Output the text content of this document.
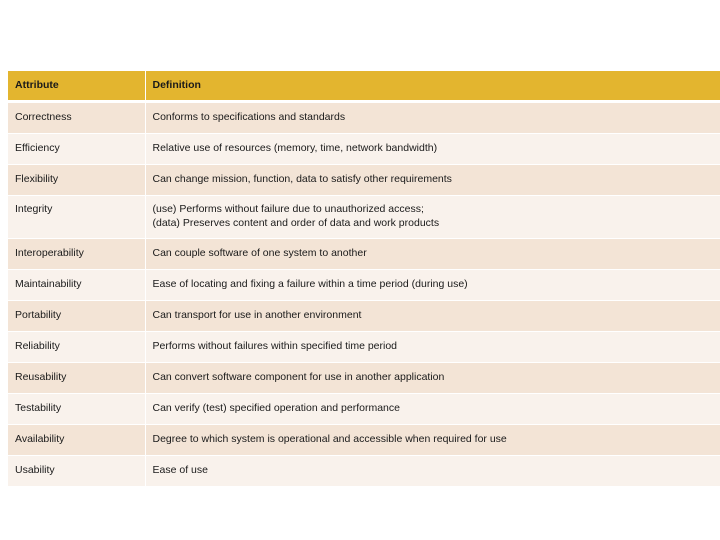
Attribute	Definition
Correctness	Conforms to specifications and standards

Efficiency	Relative use of resources (memory, time, network bandwidth)

Flexibility	Can change mission, function, data to satisfy other requirements

Integrity	(use) Performs without failure due to unauthorized access;
(data) Preserves content and order of data and work products

Interoperability	Can couple software of one system to another

Maintainability	Ease of locating and fixing a failure within a time period (during use)

Portability	Can transport for use in another environment

Reliability	Performs without failures within specified time period

Reusability	Can convert software component for use in another application

Testability	Can verify (test) specified operation and performance

Availability	Degree to which system is operational and accessible when required for use

Usability	Ease of use
